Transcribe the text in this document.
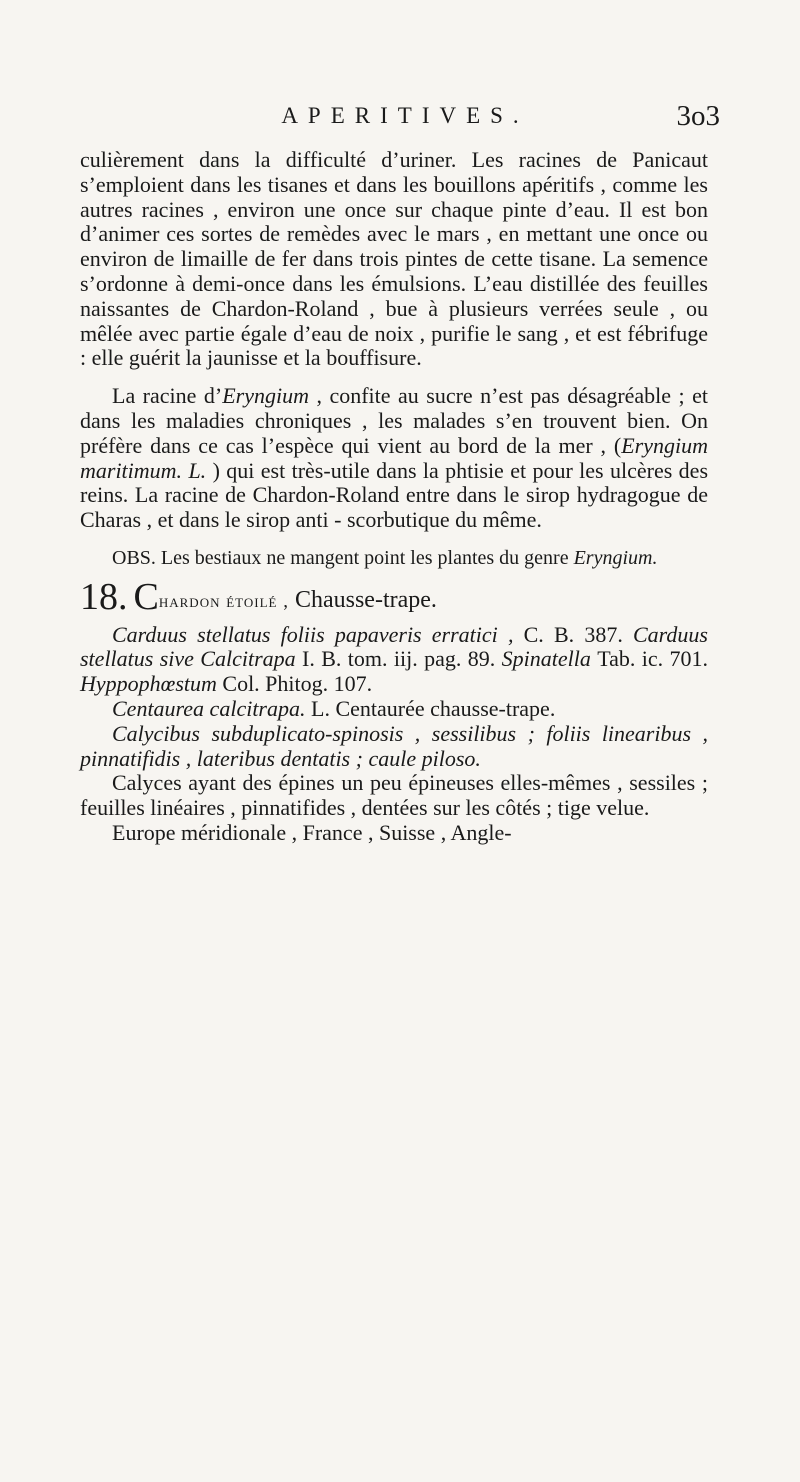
APERITIVES.	3o3

culièrement dans la difficulté d’uriner. Les racines de Panicaut s’emploient dans les tisanes et dans les bouillons apéritifs , comme les autres racines , environ une once sur chaque pinte d’eau. Il est bon d’animer ces sortes de remèdes avec le mars , en mettant une once ou environ de limaille de fer dans trois pintes de cette tisane. La semence s’ordonne à demi-once dans les émulsions. L’eau distillée des feuilles naissantes de Chardon-Roland , bue à plusieurs verrées seule , ou mêlée avec partie égale d’eau de noix , purifie le sang , et est fébrifuge : elle guérit la jaunisse et la bouffisure.

La racine d’Eryngium , confite au sucre n’est pas désagréable ; et dans les maladies chroniques , les malades s’en trouvent bien. On préfère dans ce cas l’espèce qui vient au bord de la mer , (Eryngium maritimum. L. ) qui est très-utile dans la phtisie et pour les ulcères des reins. La racine de Chardon-Roland entre dans le sirop hydragogue de Charas , et dans le sirop anti - scorbutique du même.

OBS. Les bestiaux ne mangent point les plantes du genre Eryngium.

18. Chardon étoilé , Chausse-trape.

Carduus stellatus foliis papaveris erratici , C. B. 387. Carduus stellatus sive Calcitrapa I. B. tom. iij. pag. 89. Spinatella Tab. ic. 701. Hyppophœstum Col. Phitog. 107.

Centaurea calcitrapa. L. Centaurée chausse-trape.

Calycibus subduplicato-spinosis , sessilibus ; foliis linearibus , pinnatifidis , lateribus dentatis ; caule piloso.

Calyces ayant des épines un peu épineuses elles-mêmes , sessiles ; feuilles linéaires , pinnatifides , dentées sur les côtés ; tige velue.

Europe méridionale , France , Suisse , Angle-
